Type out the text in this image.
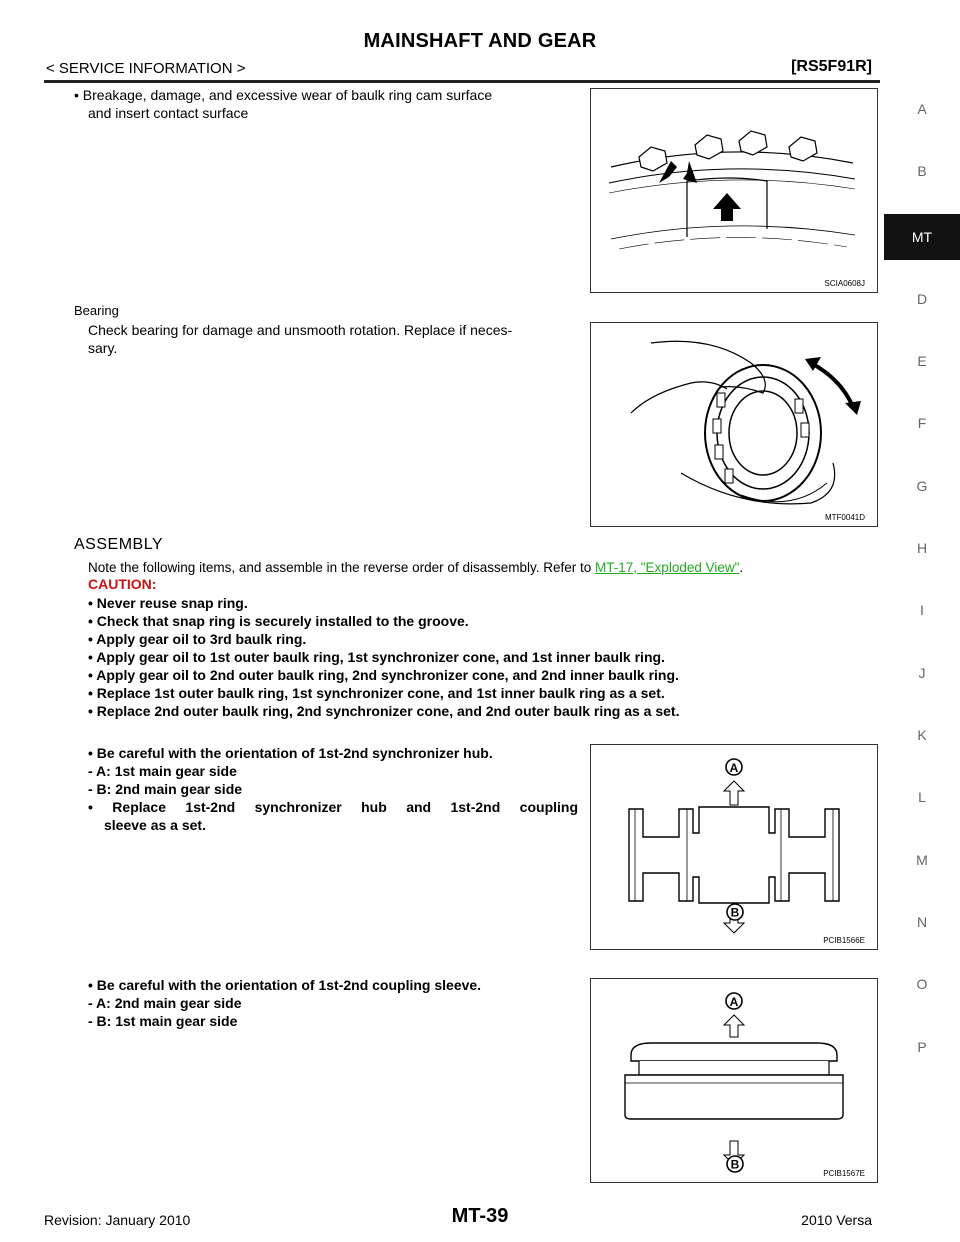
MAINSHAFT AND GEAR
< SERVICE INFORMATION >	[RS5F91R]
A
B
MT
D
E
F
G
H
I
J
K
L
M
N
O
P
• Breakage, damage, and excessive wear of baulk ring cam surface
and insert contact surface
SCIA0608J
Bearing
Check bearing for damage and unsmooth rotation. Replace if neces-
sary.
MTF0041D
ASSEMBLY
Note the following items, and assemble in the reverse order of disassembly. Refer to MT-17, "Exploded View".
CAUTION:
• Never reuse snap ring.
• Check that snap ring is securely installed to the groove.
• Apply gear oil to 3rd baulk ring.
• Apply gear oil to 1st outer baulk ring, 1st synchronizer cone, and 1st inner baulk ring.
• Apply gear oil to 2nd outer baulk ring, 2nd synchronizer cone, and 2nd inner baulk ring.
• Replace 1st outer baulk ring, 1st synchronizer cone, and 1st inner baulk ring as a set.
• Replace 2nd outer baulk ring, 2nd synchronizer cone, and 2nd outer baulk ring as a set.
• Be careful with the orientation of 1st-2nd synchronizer hub.
- A: 1st main gear side
- B: 2nd main gear side
• Replace 1st-2nd synchronizer hub and 1st-2nd coupling
sleeve as a set.
A
B
PCIB1566E
• Be careful with the orientation of 1st-2nd coupling sleeve.
- A: 2nd main gear side
- B: 1st main gear side
A
B
PCIB1567E
Revision: January 2010	MT-39	2010 Versa
